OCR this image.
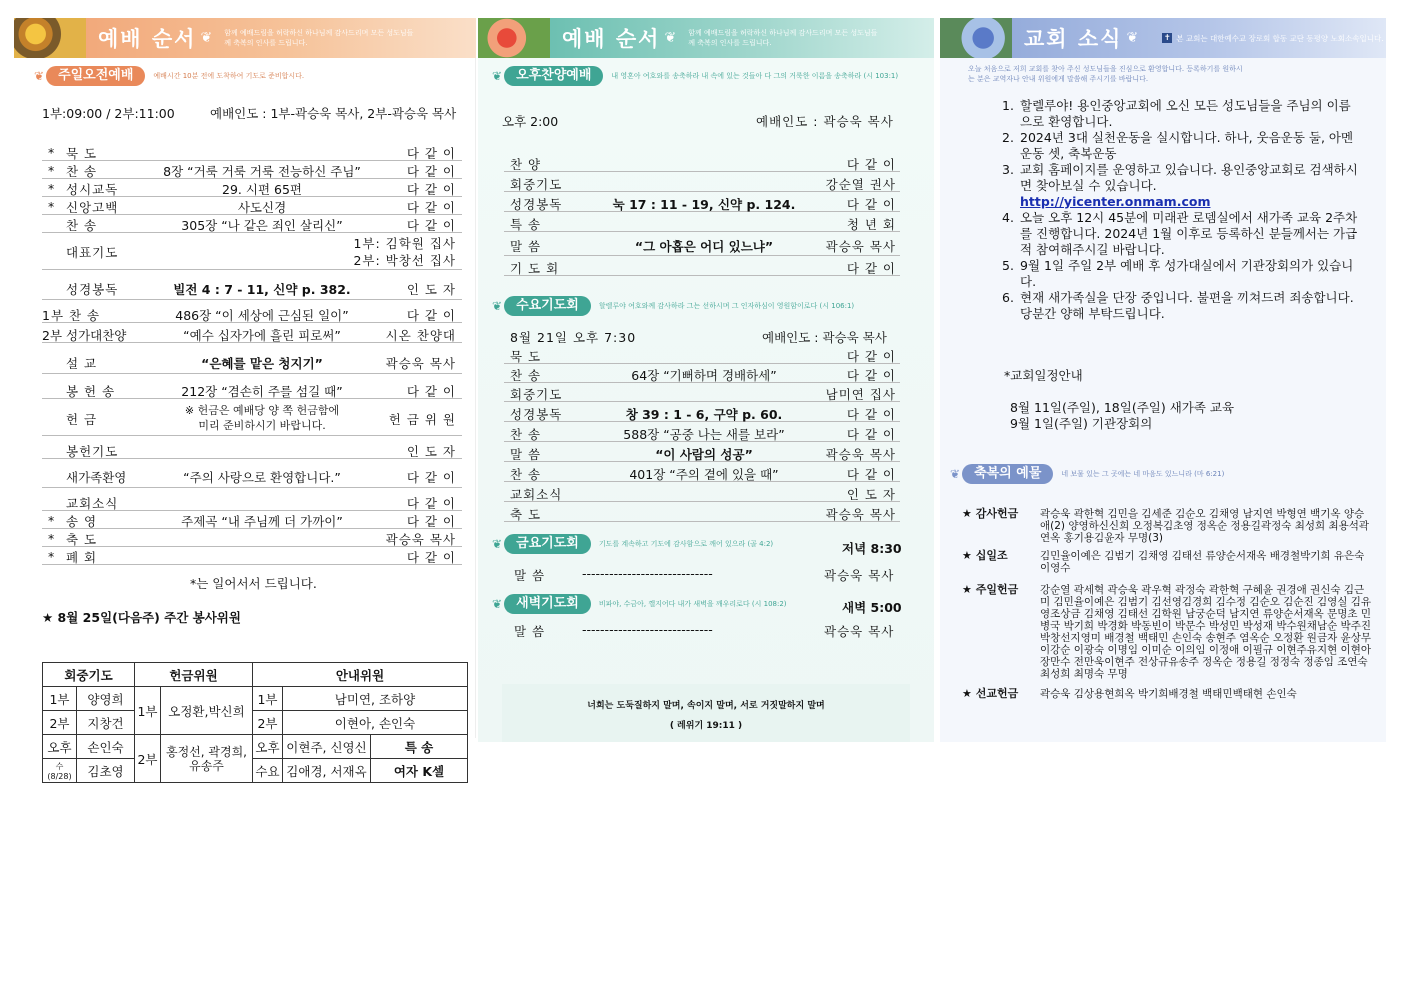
예배 순서 ❦ 함께 예배드림을 허락하신 하나님께 감사드리며 모든 성도님들께 축복의 인사를 드립니다.
❦	주일오전예배	예배시간 10분 전에 도착하여 기도로 준비합시다.
1부:09:00 / 2부:11:00	예배인도 : 1부-곽승욱 목사, 2부-곽승욱 목사
* 묵 도	다 같 이
* 찬 송	8장 “거룩 거룩 거룩 전능하신 주님”	다 같 이
* 성시교독	29. 시편 65편	다 같 이
* 신앙고백	사도신경	다 같 이
찬 송	305장 “나 같은 죄인 살리신”	다 같 이
대표기도
1부: 김학원 집사
2부: 박창선 집사
성경봉독	빌전 4 : 7 - 11, 신약 p. 382.	인 도 자
1부 찬 송	486장 “이 세상에 근심된 일이”	다 같 이
2부 성가대찬양	“예수 십자가에 흘린 피로써”	시온 찬양대
설 교	“은혜를 맡은 청지기”	곽승욱 목사
봉 헌 송	212장 “겸손히 주를 섬길 때”	다 같 이
헌 금
※ 헌금은 예배당 양 쪽 헌금함에
미리 준비하시기 바랍니다.	헌 금 위 원
봉헌기도	인 도 자
새가족환영	“주의 사랑으로 환영합니다.”	다 같 이
교회소식	다 같 이
* 송 영	주제곡 “내 주님께 더 가까이”	다 같 이
* 축 도	곽승욱 목사
* 폐 회	다 같 이
*는 일어서서 드립니다.
★ 8월 25일(다음주) 주간 봉사위원
회중기도		헌금위원		안내위원		
1부	양영희	1부	오정환,박신희	1부	남미연, 조하양	
2부	지창건			2부	이현아, 손인숙	
오후	손인숙	2부	홍정선, 곽경희,유송주	오후	이현주, 신영신	특 송
수(8/28)	김초영			수요	김애경, 서재옥	여자 K셀
예배 순서 ❦ 함께 예배드림을 허락하신 하나님께 감사드리며 모든 성도님들께 축복의 인사를 드립니다.
❦	오후찬양예배	내 영혼아 여호와를 송축하라 내 속에 있는 것들아 다 그의 거룩한 이름을 송축하라 (시 103:1)
오후 2:00	예배인도 : 곽승욱 목사
찬 양	다 같 이
회중기도	강순열 권사
성경봉독	눅 17 : 11 - 19, 신약 p. 124.	다 같 이
특 송	청 년 회
말 씀	“그 아홉은 어디 있느냐”	곽승욱 목사
기 도 회	다 같 이
❦	수요기도회	할렐루야 여호와께 감사하라 그는 선하시며 그 인자하심이 영원함이로다 (시 106:1)
8월 21일 오후 7:30	예배인도 : 곽승욱 목사
묵 도	다 같 이
찬 송	64장 “기뻐하며 경배하세”	다 같 이
회중기도	남미연 집사
성경봉독	창 39 : 1 - 6, 구약 p. 60.	다 같 이
찬 송	588장 “공중 나는 새를 보라”	다 같 이
말 씀	“이 사람의 성공”	곽승욱 목사
찬 송	401장 “주의 곁에 있을 때”	다 같 이
교회소식	인 도 자
축 도	곽승욱 목사
❦	금요기도회	기도를 계속하고 기도에 감사함으로 깨어 있으라 (골 4:2)	저녁 8:30
말 씀	-----------------------------	곽승욱 목사
❦	새벽기도회	비파야, 수금아, 깰지어다 내가 새벽을 깨우리로다 (시 108:2)	새벽 5:00
말 씀	-----------------------------	곽승욱 목사
너희는 도둑질하지 말며, 속이지 말며, 서로 거짓말하지 말며
( 레위기 19:11 )
교회 소식 ❦	✝ 본 교회는 대한예수교 장로회 합동 교단 동평양 노회소속입니다.
오늘 처음으로 저희 교회를 찾아 주신 성도님들을 진심으로 환영합니다. 등록하기를 원하시는 분은 교역자나 안내 위원에게 말씀해 주시기를 바랍니다.
1. 할렐루야! 용인중앙교회에 오신 모든 성도님들을 주님의 이름으로 환영합니다.
2. 2024년 3대 실천운동을 실시합니다. 하나, 웃음운동 둘, 아멘운동 셋, 축복운동
3. 교회 홈페이지를 운영하고 있습니다. 용인중앙교회로 검색하시면 찾아보실 수 있습니다.
http://yicenter.onmam.com
4. 오늘 오후 12시 45분에 미래관 로뎀실에서 새가족 교육 2주차를 진행합니다. 2024년 1월 이후로 등록하신 분들께서는 가급적 참여해주시길 바랍니다.
5. 9월 1일 주일 2부 예배 후 성가대실에서 기관장회의가 있습니다.
6. 현재 새가족실을 단장 중입니다. 불편을 끼쳐드려 죄송합니다. 당분간 양해 부탁드립니다.
*교회일정안내
8월 11일(주일), 18일(주일) 새가족 교육
9월 1일(주일) 기관장회의
❦	축복의 예물	네 보물 있는 그 곳에는 네 마음도 있느니라 (마 6:21)
★ 감사헌금 곽승욱 곽한혁 김민을 김세준 김순오 김채영 남지연 박형연 백기옥 양승애(2) 양영하신신희 오정복김초영 정옥순 정용길곽정숙 최성희 최용석곽연옥 홍기용김윤자 무명(3)
★ 십일조	김민율이예은 김범기 김채영 김태선 류양순서재옥 배경철박기희 유은숙 이영수
★ 주일헌금 강순열 곽세혁 곽승욱 곽우혁 곽정숙 곽한혁 구혜윤 권경애 권신숙 김근미 김민율이예은 김범기 김선영김경희 김수정 김순오 김순진 김영실 김유영조상금 김채영 김태선 김학원 남궁순덕 남지연 류양순서재옥 문명초 민병국 박기희 박경화 박동빈이 박문수 박성민 박성재 박수원채남순 박주진 박창선지영미 배경철 백태민 손인숙 송현주 염옥순 오정환 원금자 윤상무 이강순 이광숙 이명임 이미순 이의임 이정애 이필규 이현주유지현 이현아 장만수 전만욱이현주 전상규유송주 정옥순 정용길 정정숙 정종임 조연숙 최성희 최명숙 무명
★ 선교헌금 곽승욱 김상용현희옥 박기희배경철 백태민백태현 손인숙
